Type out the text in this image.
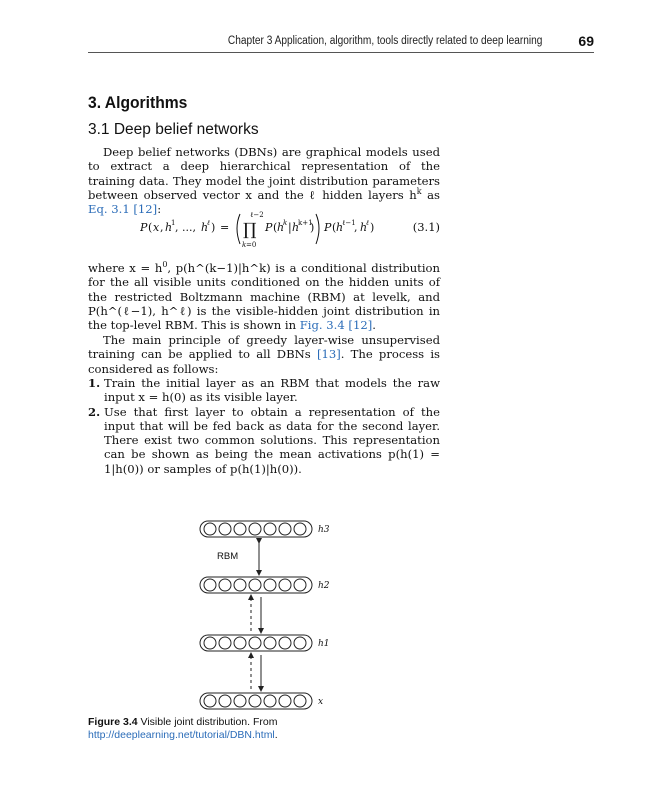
Chapter 3 Application, algorithm, tools directly related to deep learning	69
3. Algorithms
3.1 Deep belief networks

Deep belief networks (DBNs) are graphical models used to extract a deep hierarchical representation of the training data. They model the joint distribution parameters between observed vector x and the ℓ hidden layers $h^k$ as Eq. 3.1 [12]:

P ( x , h
1 , ..., h
ℓ ) =
ℓ−2
∏
k =0
P ( h
k | h
k+1
) P ( h
ℓ−1
, h
ℓ )	(3.1)

where $x = h^0$, p(h^(k−1)|h^k) is a conditional distribution for the all visible units conditioned on the hidden units of the restricted Boltzmann machine (RBM) at levelk, and P(h^(ℓ−1), h^ℓ) is the visible-hidden joint distribution in the top-level RBM. This is shown in Fig. 3.4 [12].

The main principle of greedy layer-wise unsupervised training can be applied to all DBNs [13]. The process is considered as follows:

1. Train the initial layer as an RBM that models the raw input x = h(0) as its visible layer.
2. Use that first layer to obtain a representation of the input that will be fed back as data for the second layer. There exist two common solutions. This representation can be shown as being the mean activations p(h(1) = 1|h(0)) or samples of p(h(1)|h(0)).
h3
h2
h1
x
RBM
Figure 3.4 Visible joint distribution. From http://deeplearning.net/tutorial/DBN.html.
